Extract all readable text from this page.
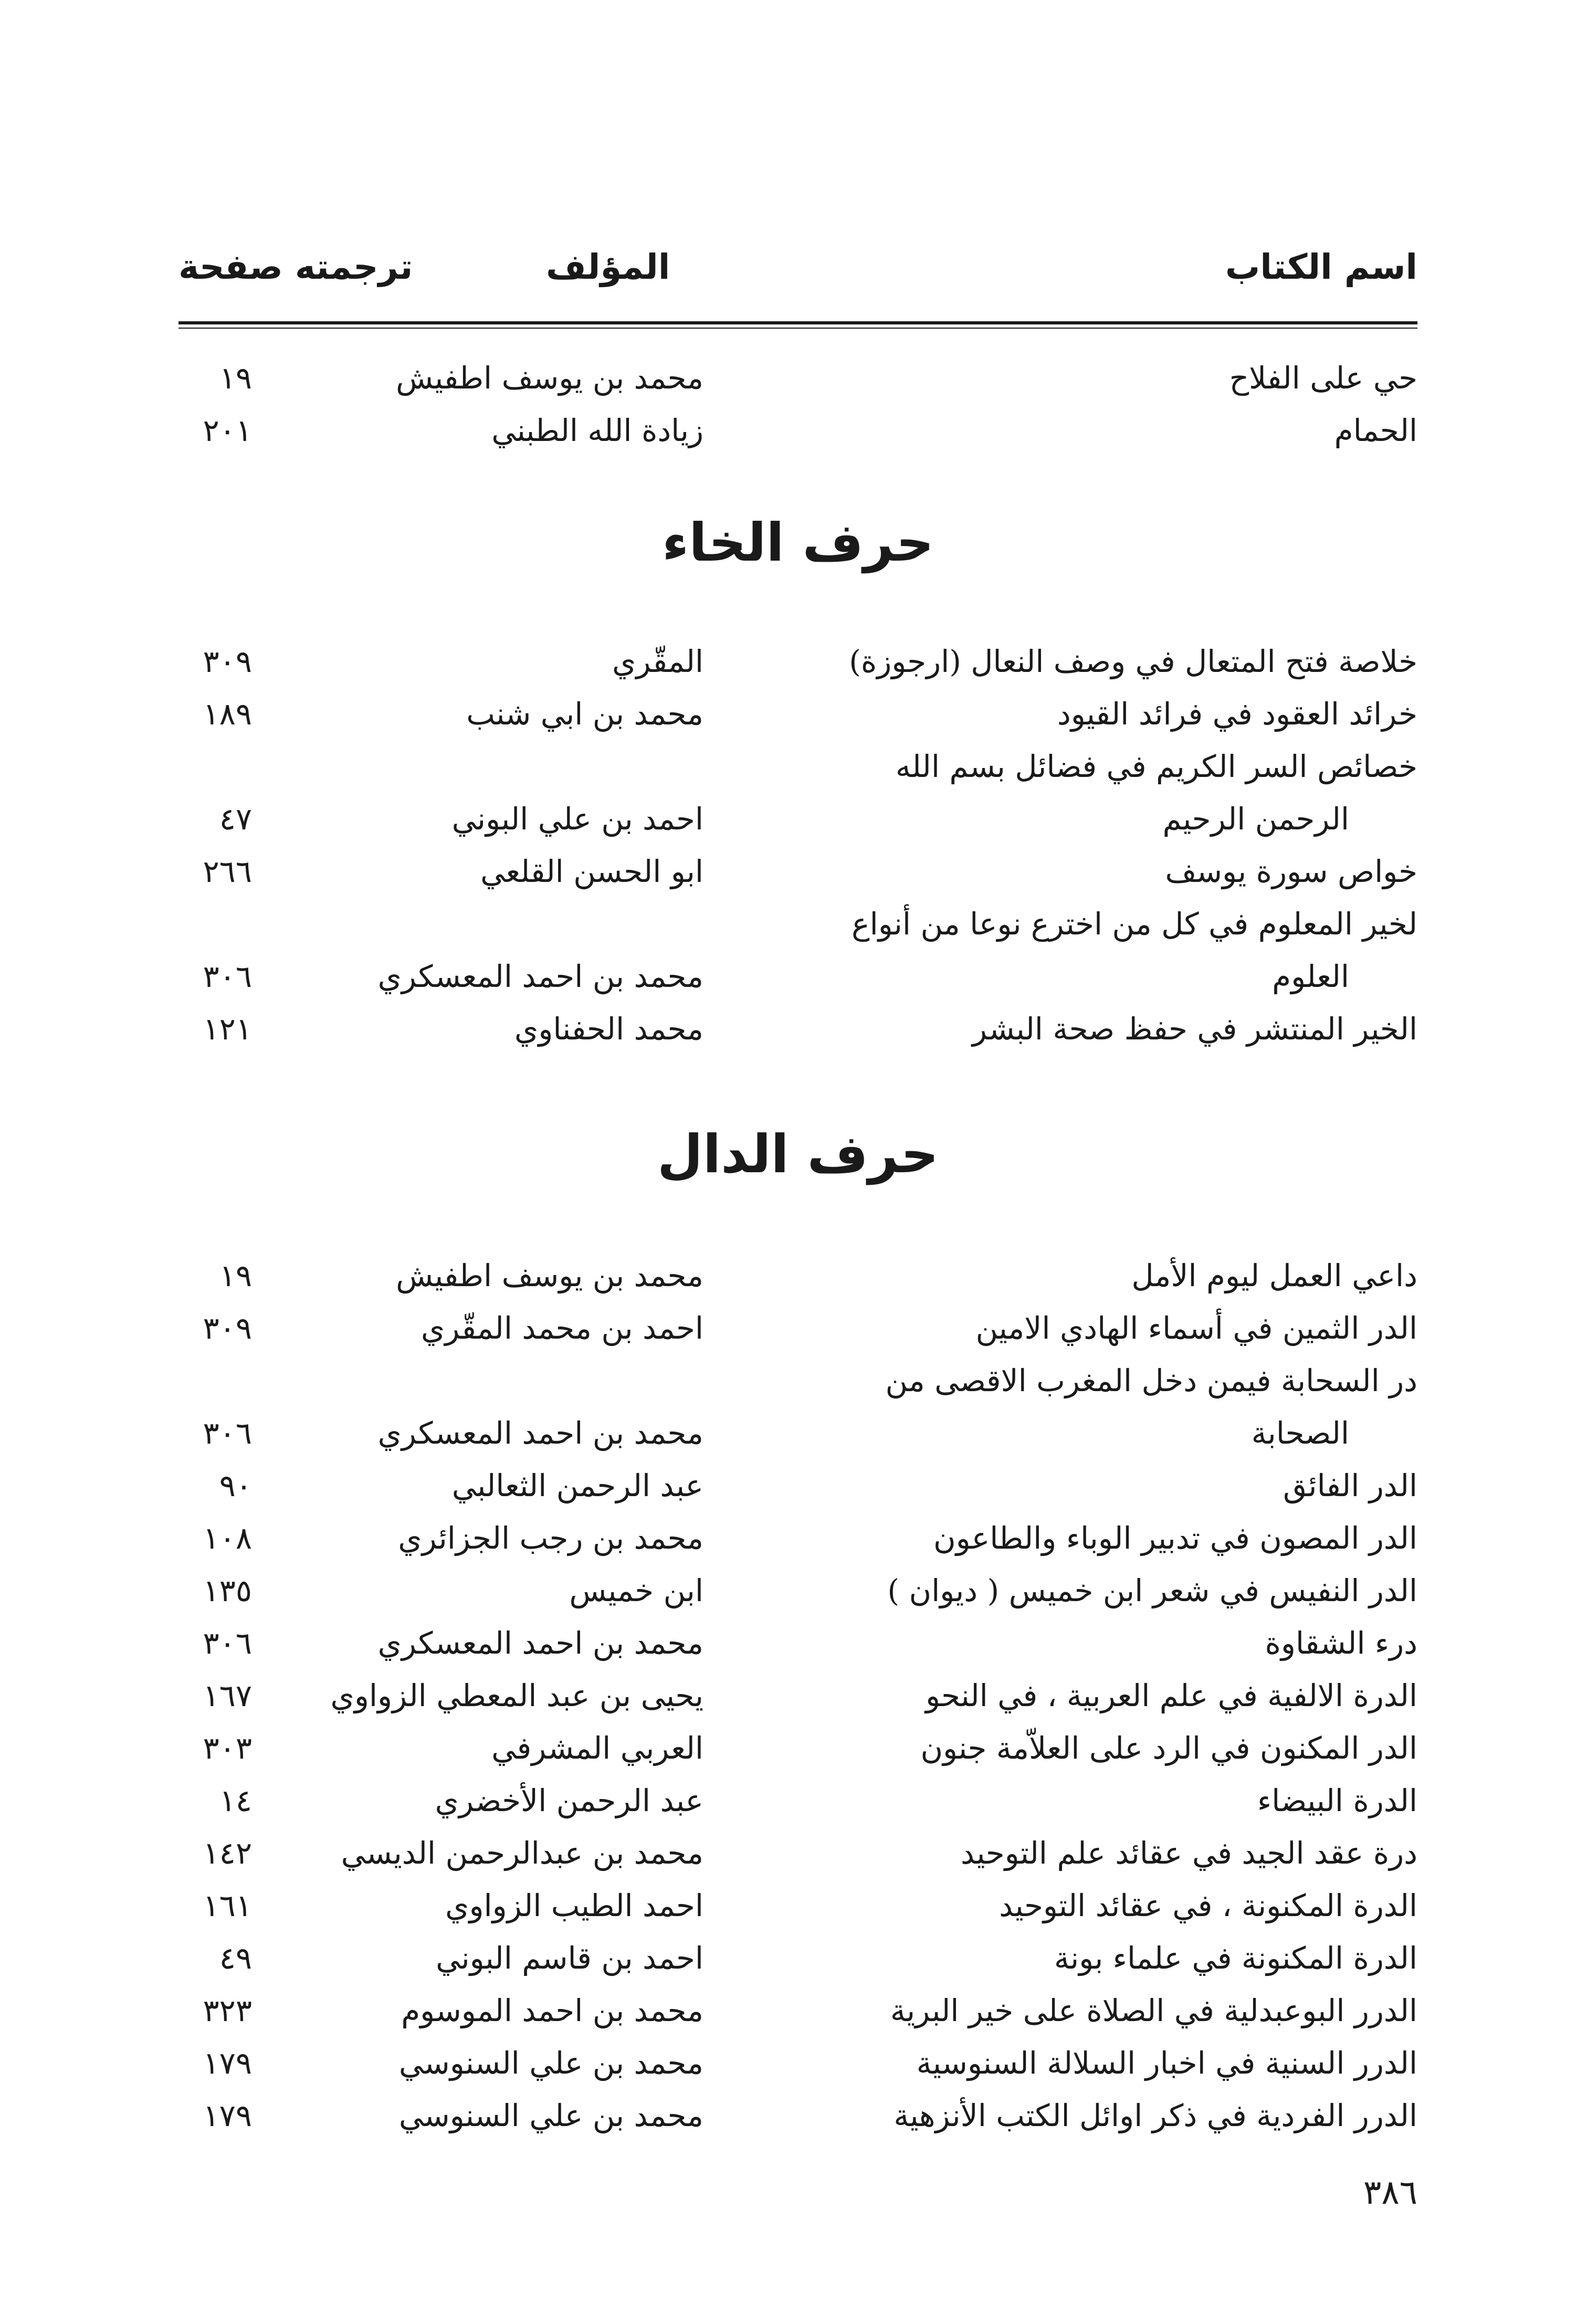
اسم الكتاب
المؤلف
ترجمته صفحة
حي على الفلاح
محمد بن يوسف اطفيش
١٩
الحمام
زيادة الله الطبني
٢٠١
حرف الخاء
خلاصة فتح المتعال في وصف النعال (ارجوزة)
المقّري
٣٠٩
خرائد العقود في فرائد القيود
محمد بن ابي شنب
١٨٩
خصائص السر الكريم في فضائل بسم الله
الرحمن الرحيم
احمد بن علي البوني
٤٧
خواص سورة يوسف
ابو الحسن القلعي
٢٦٦
لخير المعلوم في كل من اخترع نوعا من أنواع
العلوم
محمد بن احمد المعسكري
٣٠٦
الخير المنتشر في حفظ صحة البشر
محمد الحفناوي
١٢١
حرف الدال
داعي العمل ليوم الأمل
محمد بن يوسف اطفيش
١٩
الدر الثمين في أسماء الهادي الامين
احمد بن محمد المقّري
٣٠٩
در السحابة فيمن دخل المغرب الاقصى من
الصحابة
محمد بن احمد المعسكري
٣٠٦
الدر الفائق
عبد الرحمن الثعالبي
٩٠
الدر المصون في تدبير الوباء والطاعون
محمد بن رجب الجزائري
١٠٨
الدر النفيس في شعر ابن خميس ( ديوان )
ابن خميس
١٣٥
درء الشقاوة
محمد بن احمد المعسكري
٣٠٦
الدرة الالفية في علم العربية ، في النحو
يحيى بن عبد المعطي الزواوي
١٦٧
الدر المكنون في الرد على العلاّمة جنون
العربي المشرفي
٣٠٣
الدرة البيضاء
عبد الرحمن الأخضري
١٤
درة عقد الجيد في عقائد علم التوحيد
محمد بن عبدالرحمن الديسي
١٤٢
الدرة المكنونة ، في عقائد التوحيد
احمد الطيب الزواوي
١٦١
الدرة المكنونة في علماء بونة
احمد بن قاسم البوني
٤٩
الدرر البوعبدلية في الصلاة على خير البرية
محمد بن احمد الموسوم
٣٢٣
الدرر السنية في اخبار السلالة السنوسية
محمد بن علي السنوسي
١٧٩
الدرر الفردية في ذكر اوائل الكتب الأنزهية
محمد بن علي السنوسي
١٧٩
٣٨٦
